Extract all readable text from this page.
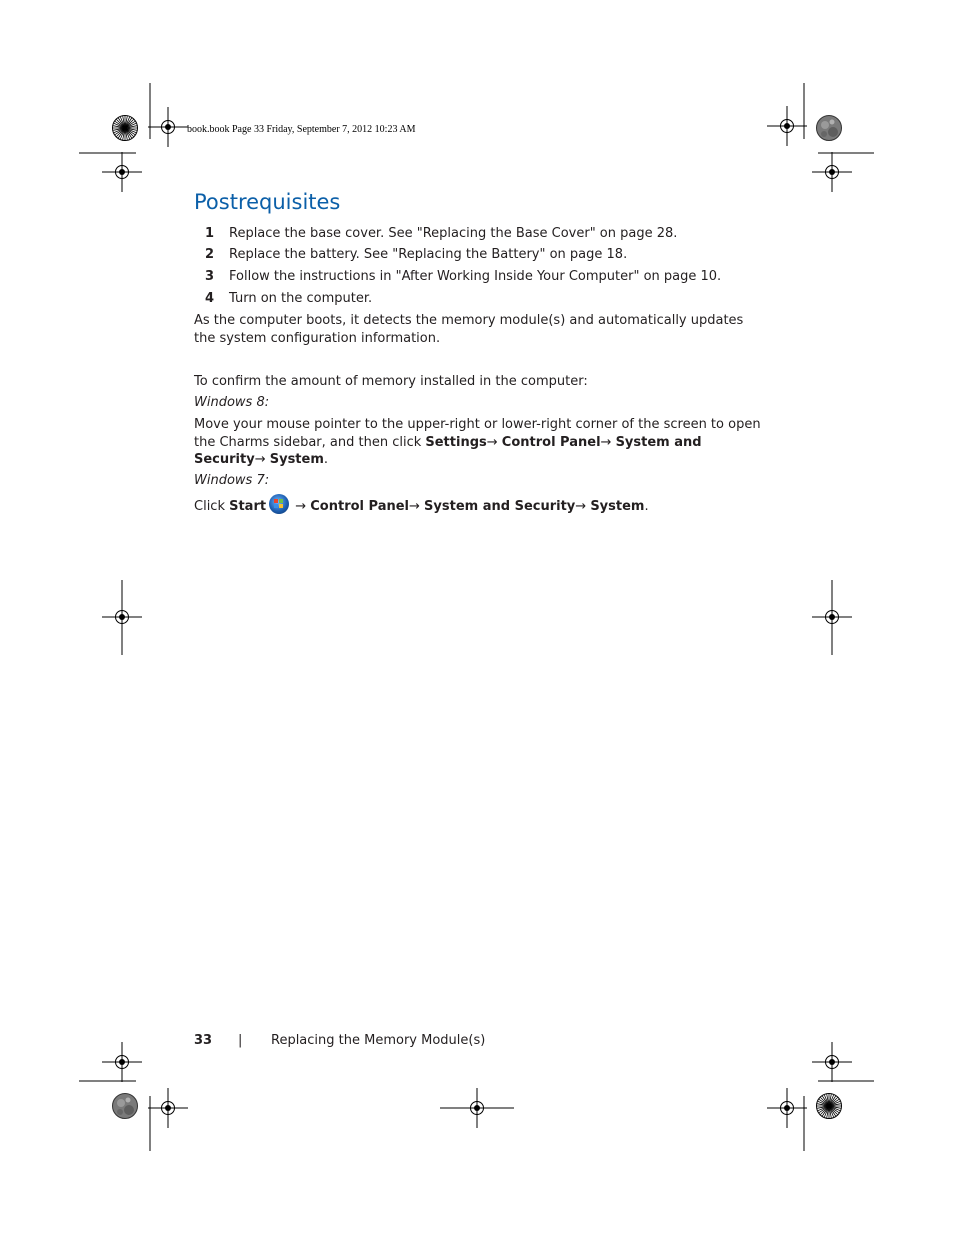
book.book Page 33 Friday, September 7, 2012 10:23 AM
Postrequisites
1 Replace the base cover. See "Replacing the Base Cover" on page 28.
2 Replace the battery. See "Replacing the Battery" on page 18.
3 Follow the instructions in "After Working Inside Your Computer" on page 10.
4 Turn on the computer.
As the computer boots, it detects the memory module(s) and automatically updates the system configuration information.
To confirm the amount of memory installed in the computer:
Windows 8:
Move your mouse pointer to the upper-right or lower-right corner of the screen to open the Charms sidebar, and then click Settings→ Control Panel→ System and Security→ System.
Windows 7:
Click Start → Control Panel→ System and Security→ System.
33 | Replacing the Memory Module(s)
